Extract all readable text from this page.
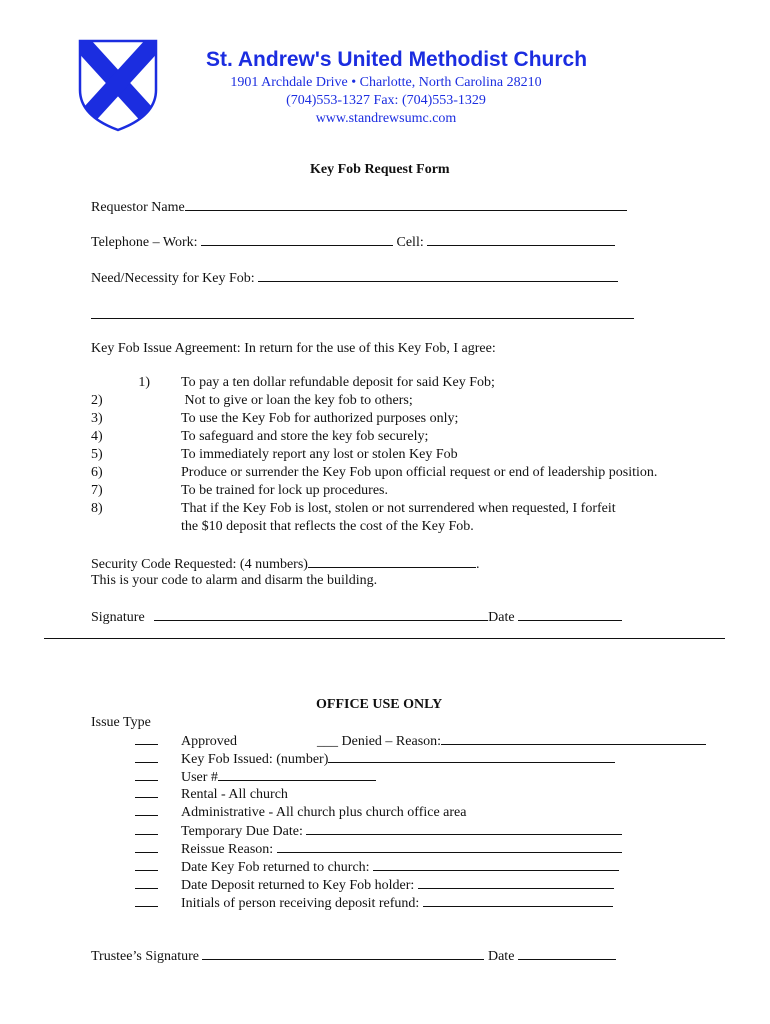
St. Andrew's United Methodist Church
1901 Archdale Drive • Charlotte, North Carolina 28210
(704)553-1327 Fax: (704)553-1329
www.standrewsumc.com
Key Fob Request Form
Requestor Name
Telephone – Work:	Cell:
Need/Necessity for Key Fob:
Key Fob Issue Agreement: In return for the use of this Key Fob, I agree:
1) To pay a ten dollar refundable deposit for said Key Fob;
2)	Not to give or loan the key fob to others;
3)	To use the Key Fob for authorized purposes only;
4)	To safeguard and store the key fob securely;
5)	To immediately report any lost or stolen Key Fob
6)	Produce or surrender the Key Fob upon official request or end of leadership position.
7)	To be trained for lock up procedures.
8)	That if the Key Fob is lost, stolen or not surrendered when requested, I forfeit
the $10 deposit that reflects the cost of the Key Fob.
Security Code Requested: (4 numbers)	.
This is your code to alarm and disarm the building.
Signature	Date
OFFICE USE ONLY
Issue Type
Approved	___ Denied – Reason:
Key Fob Issued: (number)
User #
Rental - All church
Administrative - All church plus church office area
Temporary Due Date:
Reissue Reason:
Date Key Fob returned to church:
Date Deposit returned to Key Fob holder:
Initials of person receiving deposit refund:
Trustee’s Signature	Date
